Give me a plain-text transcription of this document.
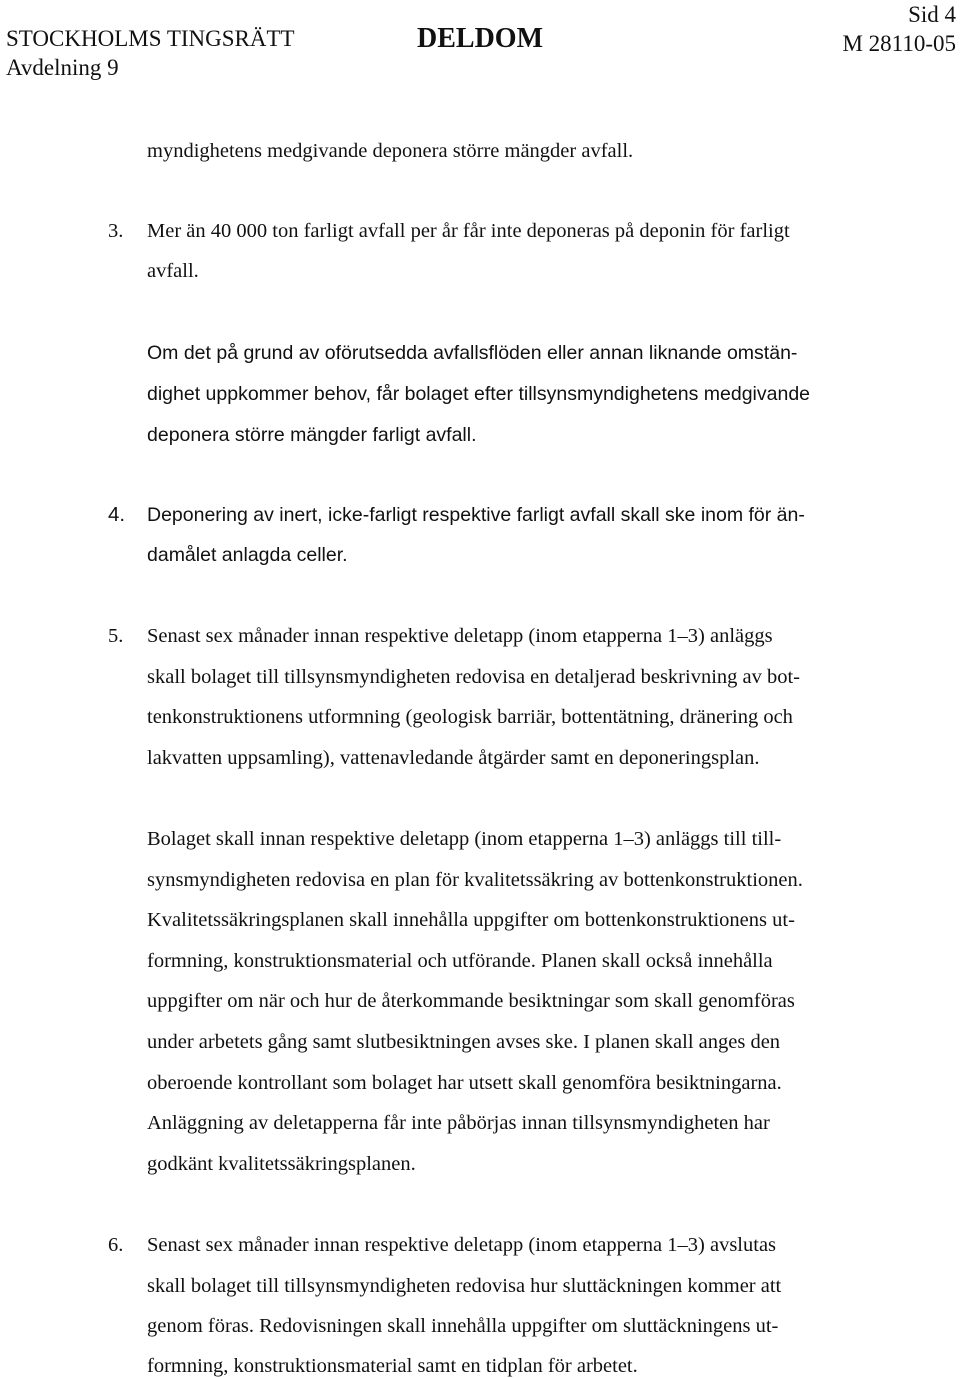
STOCKHOLMS TINGSRÄTT
Avdelning 9
DELDOM
Sid 4
M 28110-05
myndighetens medgivande deponera större mängder avfall.
3. Mer än 40 000 ton farligt avfall per år får inte deponeras på deponin för farligt
avfall.
Om det på grund av oförutsedda avfallsflöden eller annan liknande omstän-
dighet uppkommer behov, får bolaget efter tillsynsmyndighetens medgivande
deponera större mängder farligt avfall.
4. Deponering av inert, icke-farligt respektive farligt avfall skall ske inom för än-
damålet anlagda celler.
5. Senast sex månader innan respektive deletapp (inom etapperna 1–3) anläggs
skall bolaget till tillsynsmyndigheten redovisa en detaljerad beskrivning av bot-
tenkonstruktionens utformning (geologisk barriär, bottentätning, dränering och
lakvatten uppsamling), vattenavledande åtgärder samt en deponeringsplan.
Bolaget skall innan respektive deletapp (inom etapperna 1–3) anläggs till till-
synsmyndigheten redovisa en plan för kvalitetssäkring av bottenkonstruktionen.
Kvalitetssäkringsplanen skall innehålla uppgifter om bottenkonstruktionens ut-
formning, konstruktionsmaterial och utförande. Planen skall också innehålla
uppgifter om när och hur de återkommande besiktningar som skall genomföras
under arbetets gång samt slutbesiktningen avses ske. I planen skall anges den
oberoende kontrollant som bolaget har utsett skall genomföra besiktningarna.
Anläggning av deletapperna får inte påbörjas innan tillsynsmyndigheten har
godkänt kvalitetssäkringsplanen.
6. Senast sex månader innan respektive deletapp (inom etapperna 1–3) avslutas
skall bolaget till tillsynsmyndigheten redovisa hur sluttäckningen kommer att
genom föras. Redovisningen skall innehålla uppgifter om sluttäckningens ut-
formning, konstruktionsmaterial samt en tidplan för arbetet.
